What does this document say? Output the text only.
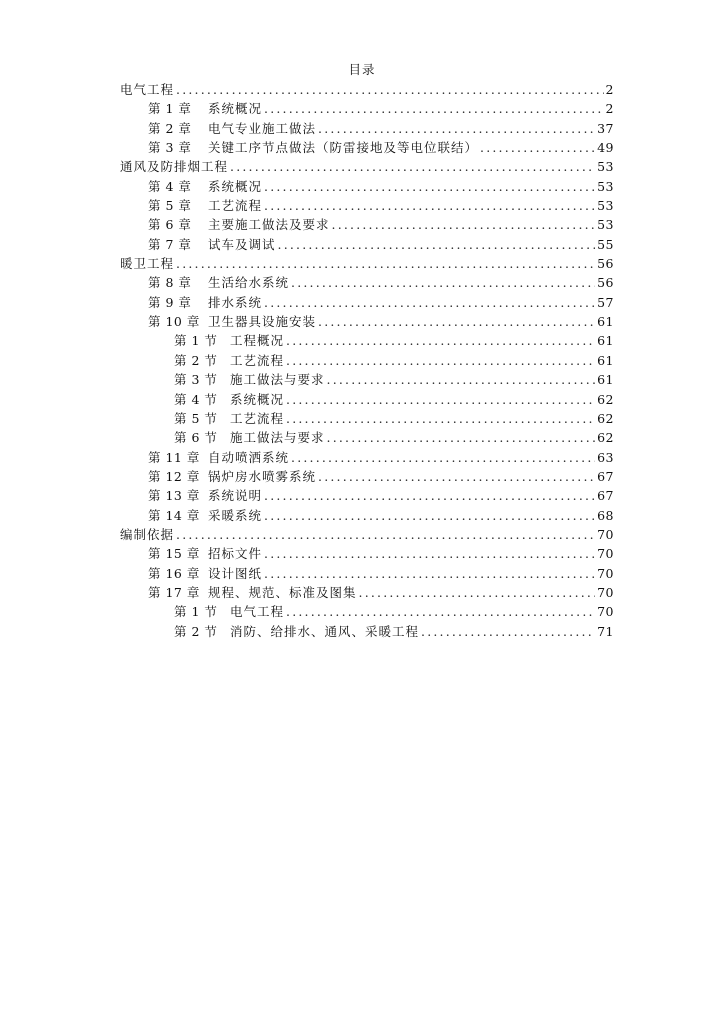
目录
电气工程 .....	2
第 1 章	系统概况 .....	2
第 2 章	电气专业施工做法 .....	37
第 3 章	关键工序节点做法（防雷接地及等电位联结） .....	49
通风及防排烟工程 .....	53
第 4 章	系统概况 .....	53
第 5 章	工艺流程 .....	53
第 6 章	主要施工做法及要求 .....	53
第 7 章	试车及调试 .....	55
暖卫工程 .....	56
第 8 章	生活给水系统 .....	56
第 9 章	排水系统 .....	57
第 10 章 卫生器具设施安装 .....	61
第 1 节	工程概况 .....	61
第 2 节	工艺流程 .....	61
第 3 节	施工做法与要求 .....	61
第 4 节	系统概况 .....	62
第 5 节	工艺流程 .....	62
第 6 节	施工做法与要求 .....	62
第 11 章 自动喷洒系统 .....	63
第 12 章 锅炉房水喷雾系统 .....	67
第 13 章 系统说明 .....	67
第 14 章 采暖系统 .....	68
编制依据 .....	70
第 15 章 招标文件 .....	70
第 16 章 设计图纸 .....	70
第 17 章 规程、规范、标准及图集 .....	70
第 1 节	电气工程 .....	70
第 2 节	消防、给排水、通风、采暖工程 .....	71
